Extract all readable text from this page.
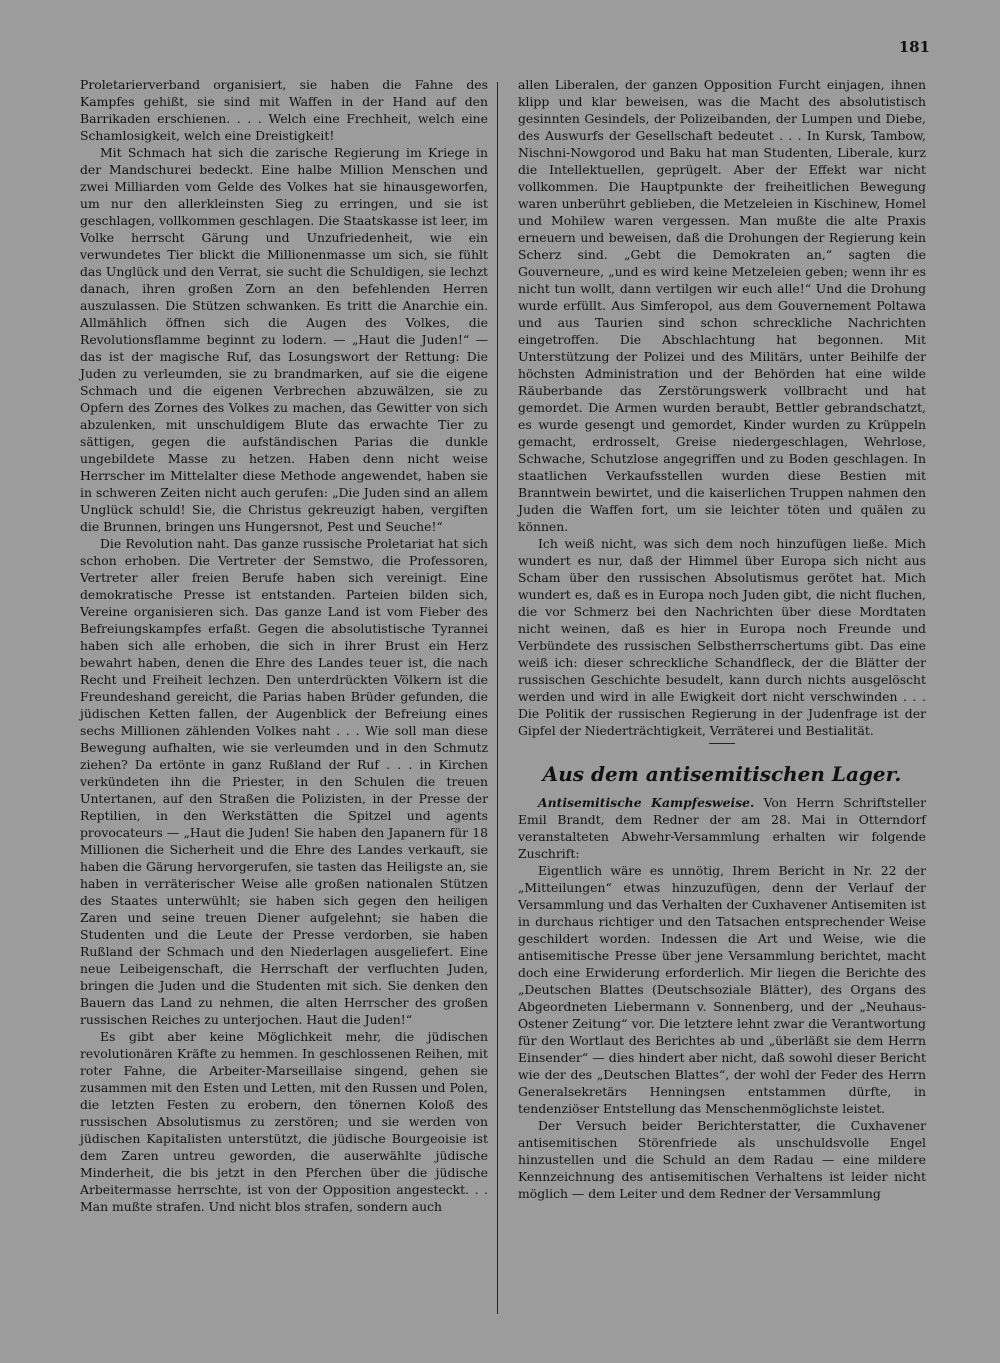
181

Proletarierverband organisiert, sie haben die Fahne des Kampfes gehißt, sie sind mit Waffen in der Hand auf den Barrikaden erschienen. . . . Welch eine Frechheit, welch eine Schamlosigkeit, welch eine Dreistigkeit!

Mit Schmach hat sich die zarische Regierung im Kriege in der Mandschurei bedeckt. Eine halbe Million Menschen und zwei Milliarden vom Gelde des Volkes hat sie hinausgeworfen, um nur den allerkleinsten Sieg zu erringen, und sie ist geschlagen, vollkommen geschlagen. Die Staatskasse ist leer, im Volke herrscht Gärung und Unzufriedenheit, wie ein verwundetes Tier blickt die Millionenmasse um sich, sie fühlt das Unglück und den Verrat, sie sucht die Schuldigen, sie lechzt danach, ihren großen Zorn an den befehlenden Herren auszulassen. Die Stützen schwanken. Es tritt die Anarchie ein. Allmählich öffnen sich die Augen des Volkes, die Revolutionsflamme beginnt zu lodern. — „Haut die Juden!“ — das ist der magische Ruf, das Losungswort der Rettung: Die Juden zu verleumden, sie zu brandmarken, auf sie die eigene Schmach und die eigenen Verbrechen abzuwälzen, sie zu Opfern des Zornes des Volkes zu machen, das Gewitter von sich abzulenken, mit unschuldigem Blute das erwachte Tier zu sättigen, gegen die aufständischen Parias die dunkle ungebildete Masse zu hetzen. Haben denn nicht weise Herrscher im Mittelalter diese Methode angewendet, haben sie in schweren Zeiten nicht auch gerufen: „Die Juden sind an allem Unglück schuld! Sie, die Christus gekreuzigt haben, vergiften die Brunnen, bringen uns Hungersnot, Pest und Seuche!“

Die Revolution naht. Das ganze russische Proletariat hat sich schon erhoben. Die Vertreter der Semstwo, die Professoren, Vertreter aller freien Berufe haben sich vereinigt. Eine demokratische Presse ist entstanden. Parteien bilden sich, Vereine organisieren sich. Das ganze Land ist vom Fieber des Befreiungskampfes erfaßt. Gegen die absolutistische Tyrannei haben sich alle erhoben, die sich in ihrer Brust ein Herz bewahrt haben, denen die Ehre des Landes teuer ist, die nach Recht und Freiheit lechzen. Den unterdrückten Völkern ist die Freundeshand gereicht, die Parias haben Brüder gefunden, die jüdischen Ketten fallen, der Augenblick der Befreiung eines sechs Millionen zählenden Volkes naht . . . Wie soll man diese Bewegung aufhalten, wie sie verleumden und in den Schmutz ziehen? Da ertönte in ganz Rußland der Ruf . . . in Kirchen verkündeten ihn die Priester, in den Schulen die treuen Untertanen, auf den Straßen die Polizisten, in der Presse der Reptilien, in den Werkstätten die Spitzel und agents provocateurs — „Haut die Juden! Sie haben den Japanern für 18 Millionen die Sicherheit und die Ehre des Landes verkauft, sie haben die Gärung hervorgerufen, sie tasten das Heiligste an, sie haben in verräterischer Weise alle großen nationalen Stützen des Staates unterwühlt; sie haben sich gegen den heiligen Zaren und seine treuen Diener aufgelehnt; sie haben die Studenten und die Leute der Presse verdorben, sie haben Rußland der Schmach und den Niederlagen ausgeliefert. Eine neue Leibeigenschaft, die Herrschaft der verfluchten Juden, bringen die Juden und die Studenten mit sich. Sie denken den Bauern das Land zu nehmen, die alten Herrscher des großen russischen Reiches zu unterjochen. Haut die Juden!“

Es gibt aber keine Möglichkeit mehr, die jüdischen revolutionären Kräfte zu hemmen. In geschlossenen Reihen, mit roter Fahne, die Arbeiter-Marseillaise singend, gehen sie zusammen mit den Esten und Letten, mit den Russen und Polen, die letzten Festen zu erobern, den tönernen Koloß des russischen Absolutismus zu zerstören; und sie werden von jüdischen Kapitalisten unterstützt, die jüdische Bourgeoisie ist dem Zaren untreu geworden, die auserwählte jüdische Minderheit, die bis jetzt in den Pferchen über die jüdische Arbeitermasse herrschte, ist von der Opposition angesteckt. . . Man mußte strafen. Und nicht blos strafen, sondern auch

allen Liberalen, der ganzen Opposition Furcht einjagen, ihnen klipp und klar beweisen, was die Macht des absolutistisch gesinnten Gesindels, der Polizeibanden, der Lumpen und Diebe, des Auswurfs der Gesellschaft bedeutet . . . In Kursk, Tambow, Nischni-Nowgorod und Baku hat man Studenten, Liberale, kurz die Intellektuellen, geprügelt. Aber der Effekt war nicht vollkommen. Die Hauptpunkte der freiheitlichen Bewegung waren unberührt geblieben, die Metzeleien in Kischinew, Homel und Mohilew waren vergessen. Man mußte die alte Praxis erneuern und beweisen, daß die Drohungen der Regierung kein Scherz sind. „Gebt die Demokraten an,“ sagten die Gouverneure, „und es wird keine Metzeleien geben; wenn ihr es nicht tun wollt, dann vertilgen wir euch alle!“ Und die Drohung wurde erfüllt. Aus Simferopol, aus dem Gouvernement Poltawa und aus Taurien sind schon schreckliche Nachrichten eingetroffen. Die Abschlachtung hat begonnen. Mit Unterstützung der Polizei und des Militärs, unter Beihilfe der höchsten Administration und der Behörden hat eine wilde Räuberbande das Zerstörungswerk vollbracht und hat gemordet. Die Armen wurden beraubt, Bettler gebrandschatzt, es wurde gesengt und gemordet, Kinder wurden zu Krüppeln gemacht, erdrosselt, Greise niedergeschlagen, Wehrlose, Schwache, Schutzlose angegriffen und zu Boden geschlagen. In staatlichen Verkaufsstellen wurden diese Bestien mit Branntwein bewirtet, und die kaiserlichen Truppen nahmen den Juden die Waffen fort, um sie leichter töten und quälen zu können.

Ich weiß nicht, was sich dem noch hinzufügen ließe. Mich wundert es nur, daß der Himmel über Europa sich nicht aus Scham über den russischen Absolutismus gerötet hat. Mich wundert es, daß es in Europa noch Juden gibt, die nicht fluchen, die vor Schmerz bei den Nachrichten über diese Mordtaten nicht weinen, daß es hier in Europa noch Freunde und Verbündete des russischen Selbstherrschertums gibt. Das eine weiß ich: dieser schreckliche Schandfleck, der die Blätter der russischen Geschichte besudelt, kann durch nichts ausgelöscht werden und wird in alle Ewigkeit dort nicht verschwinden . . . Die Politik der russischen Regierung in der Judenfrage ist der Gipfel der Niederträchtigkeit, Verräterei und Bestialität.

Aus dem antisemitischen Lager.

Antisemitische Kampfesweise. Von Herrn Schriftsteller Emil Brandt, dem Redner der am 28. Mai in Otterndorf veranstalteten Abwehr-Versammlung erhalten wir folgende Zuschrift:

Eigentlich wäre es unnötig, Ihrem Bericht in Nr. 22 der „Mitteilungen“ etwas hinzuzufügen, denn der Verlauf der Versammlung und das Verhalten der Cuxhavener Antisemiten ist in durchaus richtiger und den Tatsachen entsprechender Weise geschildert worden. Indessen die Art und Weise, wie die antisemitische Presse über jene Versammlung berichtet, macht doch eine Erwiderung erforderlich. Mir liegen die Berichte des „Deutschen Blattes (Deutschsoziale Blätter), des Organs des Abgeordneten Liebermann v. Sonnenberg, und der „Neuhaus-Ostener Zeitung“ vor. Die letztere lehnt zwar die Verantwortung für den Wortlaut des Berichtes ab und „überläßt sie dem Herrn Einsender“ — dies hindert aber nicht, daß sowohl dieser Bericht wie der des „Deutschen Blattes“, der wohl der Feder des Herrn Generalsekretärs Henningsen entstammen dürfte, in tendenziöser Entstellung das Menschenmöglichste leistet.

Der Versuch beider Berichterstatter, die Cuxhavener antisemitischen Störenfriede als unschuldsvolle Engel hinzustellen und die Schuld an dem Radau — eine mildere Kennzeichnung des antisemitischen Verhaltens ist leider nicht möglich — dem Leiter und dem Redner der Versammlung
